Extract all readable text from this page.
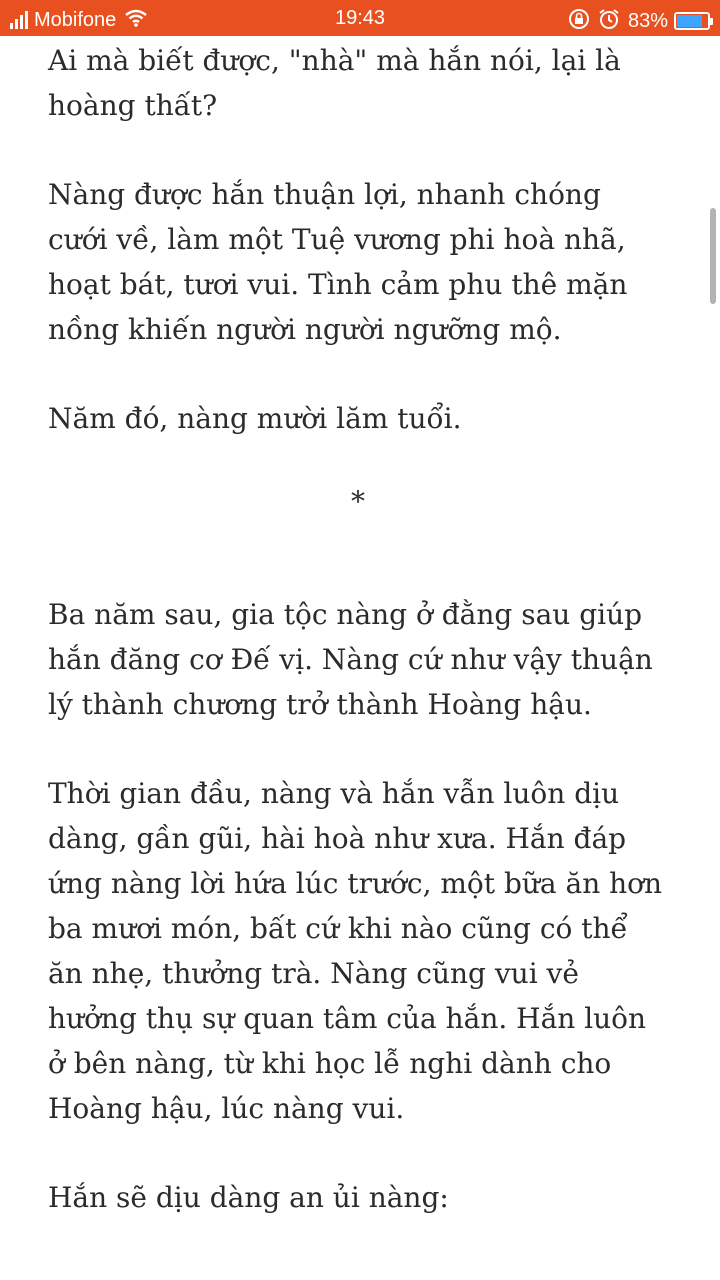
Mobifone	19:43	83%

Ai mà biết được, "nhà" mà hắn nói, lại là hoàng thất?

Nàng được hắn thuận lợi, nhanh chóng cưới về, làm một Tuệ vương phi hoà nhã, hoạt bát, tươi vui. Tình cảm phu thê mặn nồng khiến người người ngưỡng mộ.

Năm đó, nàng mười lăm tuổi.

*

Ba năm sau, gia tộc nàng ở đằng sau giúp hắn đăng cơ Đế vị. Nàng cứ như vậy thuận lý thành chương trở thành Hoàng hậu.

Thời gian đầu, nàng và hắn vẫn luôn dịu dàng, gần gũi, hài hoà như xưa. Hắn đáp ứng nàng lời hứa lúc trước, một bữa ăn hơn ba mươi món, bất cứ khi nào cũng có thể ăn nhẹ, thưởng trà. Nàng cũng vui vẻ hưởng thụ sự quan tâm của hắn. Hắn luôn ở bên nàng, từ khi học lễ nghi dành cho Hoàng hậu, lúc nàng vui.

Hắn sẽ dịu dàng an ủi nàng:
